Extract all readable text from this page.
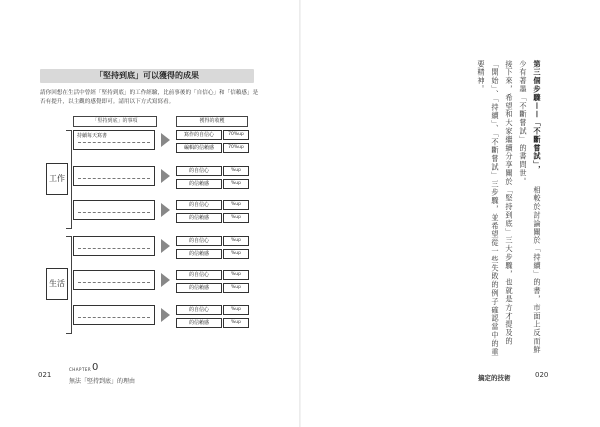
「堅持到底」可以獲得的成果
請你回想在生活中曾經「堅持到底」的工作經驗，比前事後的「自信心」和「信賴感」是否有提升，以主觀的感覺即可。請用以下方式寫寫看。
「堅持到底」的事項	獲得的收穫
工作
持續每天寫書	寫作的自信心	70%up
編輯的信賴感	70%up
的自信心	%up
的信賴感	%up
的自信心	%up
的信賴感	%up
生活
的自信心	%up
的信賴感	%up
的自信心	%up
的信賴感	%up
的自信心	%up
的信賴感	%up
021
CHAPTER 0
無法「堅持到底」的理由
第三個步驟——「不斷嘗試」，
相較於討論關於「持續」的書，市面上反而鮮
少有著墨「不斷嘗試」的書問世。
接下來，希望和大家繼續分享關於「堅持到底」三大步驟，也就是方才提及的
「開始」、「持續」、「不斷嘗試」三步驟，並希望從一些失敗的例子確認當中的重
要精神。
搞定的技術	020
